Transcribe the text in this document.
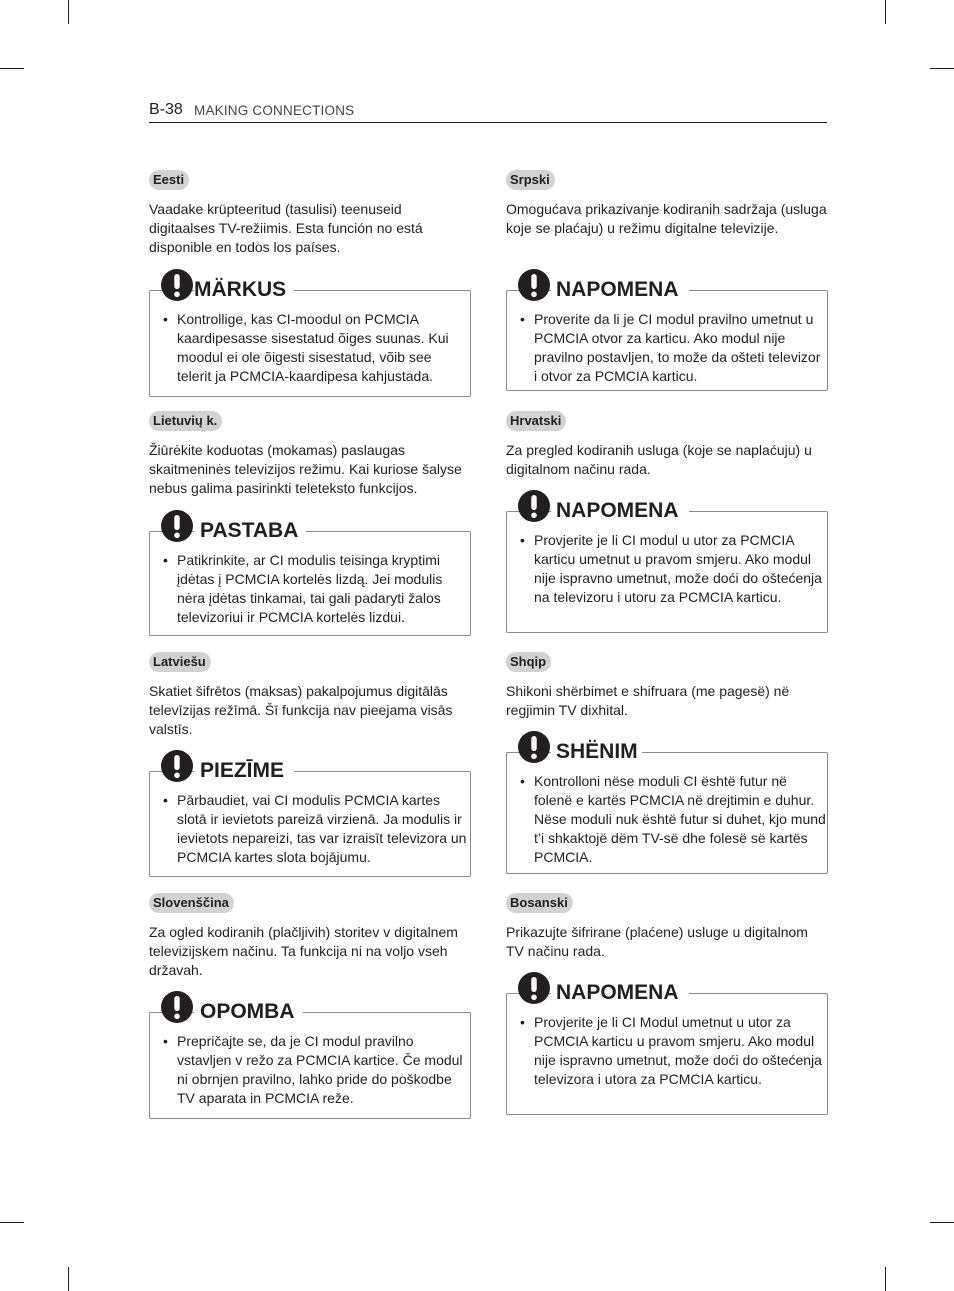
B-38 MAKING CONNECTIONS
Eesti

Vaadake krüpteeritud (tasulisi) teenuseid digitaalses TV-režiimis. Esta función no está disponible en todos los países.

MÄRKUS
• Kontrollige, kas CI-moodul on PCMCIA kaardipesasse sisestatud õiges suunas. Kui moodul ei ole õigesti sisestatud, võib see telerit ja PCMCIA-kaardipesa kahjustada.
Lietuvių k.

Žiūrėkite koduotas (mokamas) paslaugas skaitmeninės televizijos režimu. Kai kuriose šalyse nebus galima pasirinkti teleteksto funkcijos.

PASTABA
• Patikrinkite, ar CI modulis teisinga kryptimi įdėtas į PCMCIA kortelės lizdą. Jei modulis nėra įdėtas tinkamai, tai gali padaryti žalos televizoriui ir PCMCIA kortelės lizdui.
Latviešu

Skatiet šifrētos (maksas) pakalpojumus digitālās televīzijas režīmā. Šī funkcija nav pieejama visās valstīs.

PIEZĪME
• Pārbaudiet, vai CI modulis PCMCIA kartes slotā ir ievietots pareizā virzienā. Ja modulis ir ievietots nepareizi, tas var izraisīt televizora un PCMCIA kartes slota bojājumu.
Slovenščina

Za ogled kodiranih (plačljivih) storitev v digitalnem televizijskem načinu. Ta funkcija ni na voljo vseh državah.

OPOMBA
• Prepričajte se, da je CI modul pravilno vstavljen v režo za PCMCIA kartice. Če modul ni obrnjen pravilno, lahko pride do poškodbe TV aparata in PCMCIA reže.
Srpski

Omogućava prikazivanje kodiranih sadržaja (usluga koje se plaćaju) u režimu digitalne televizije.

NAPOMENA
• Proverite da li je CI modul pravilno umetnut u PCMCIA otvor za karticu. Ako modul nije pravilno postavljen, to može da ošteti televizor i otvor za PCMCIA karticu.
Hrvatski

Za pregled kodiranih usluga (koje se naplaćuju) u digitalnom načinu rada.

NAPOMENA
• Provjerite je li CI modul u utor za PCMCIA karticu umetnut u pravom smjeru. Ako modul nije ispravno umetnut, može doći do oštećenja na televizoru i utoru za PCMCIA karticu.
Shqip

Shikoni shërbimet e shifruara (me pagesë) në regjimin TV dixhital.

SHËNIM
• Kontrolloni nëse moduli CI është futur në folenë e kartës PCMCIA në drejtimin e duhur. Nëse moduli nuk është futur si duhet, kjo mund t’i shkaktojë dëm TV-së dhe folesë së kartës PCMCIA.
Bosanski

Prikazujte šifrirane (plaćene) usluge u digitalnom TV načinu rada.

NAPOMENA
• Provjerite je li CI Modul umetnut u utor za PCMCIA karticu u pravom smjeru. Ako modul nije ispravno umetnut, može doći do oštećenja televizora i utora za PCMCIA karticu.
